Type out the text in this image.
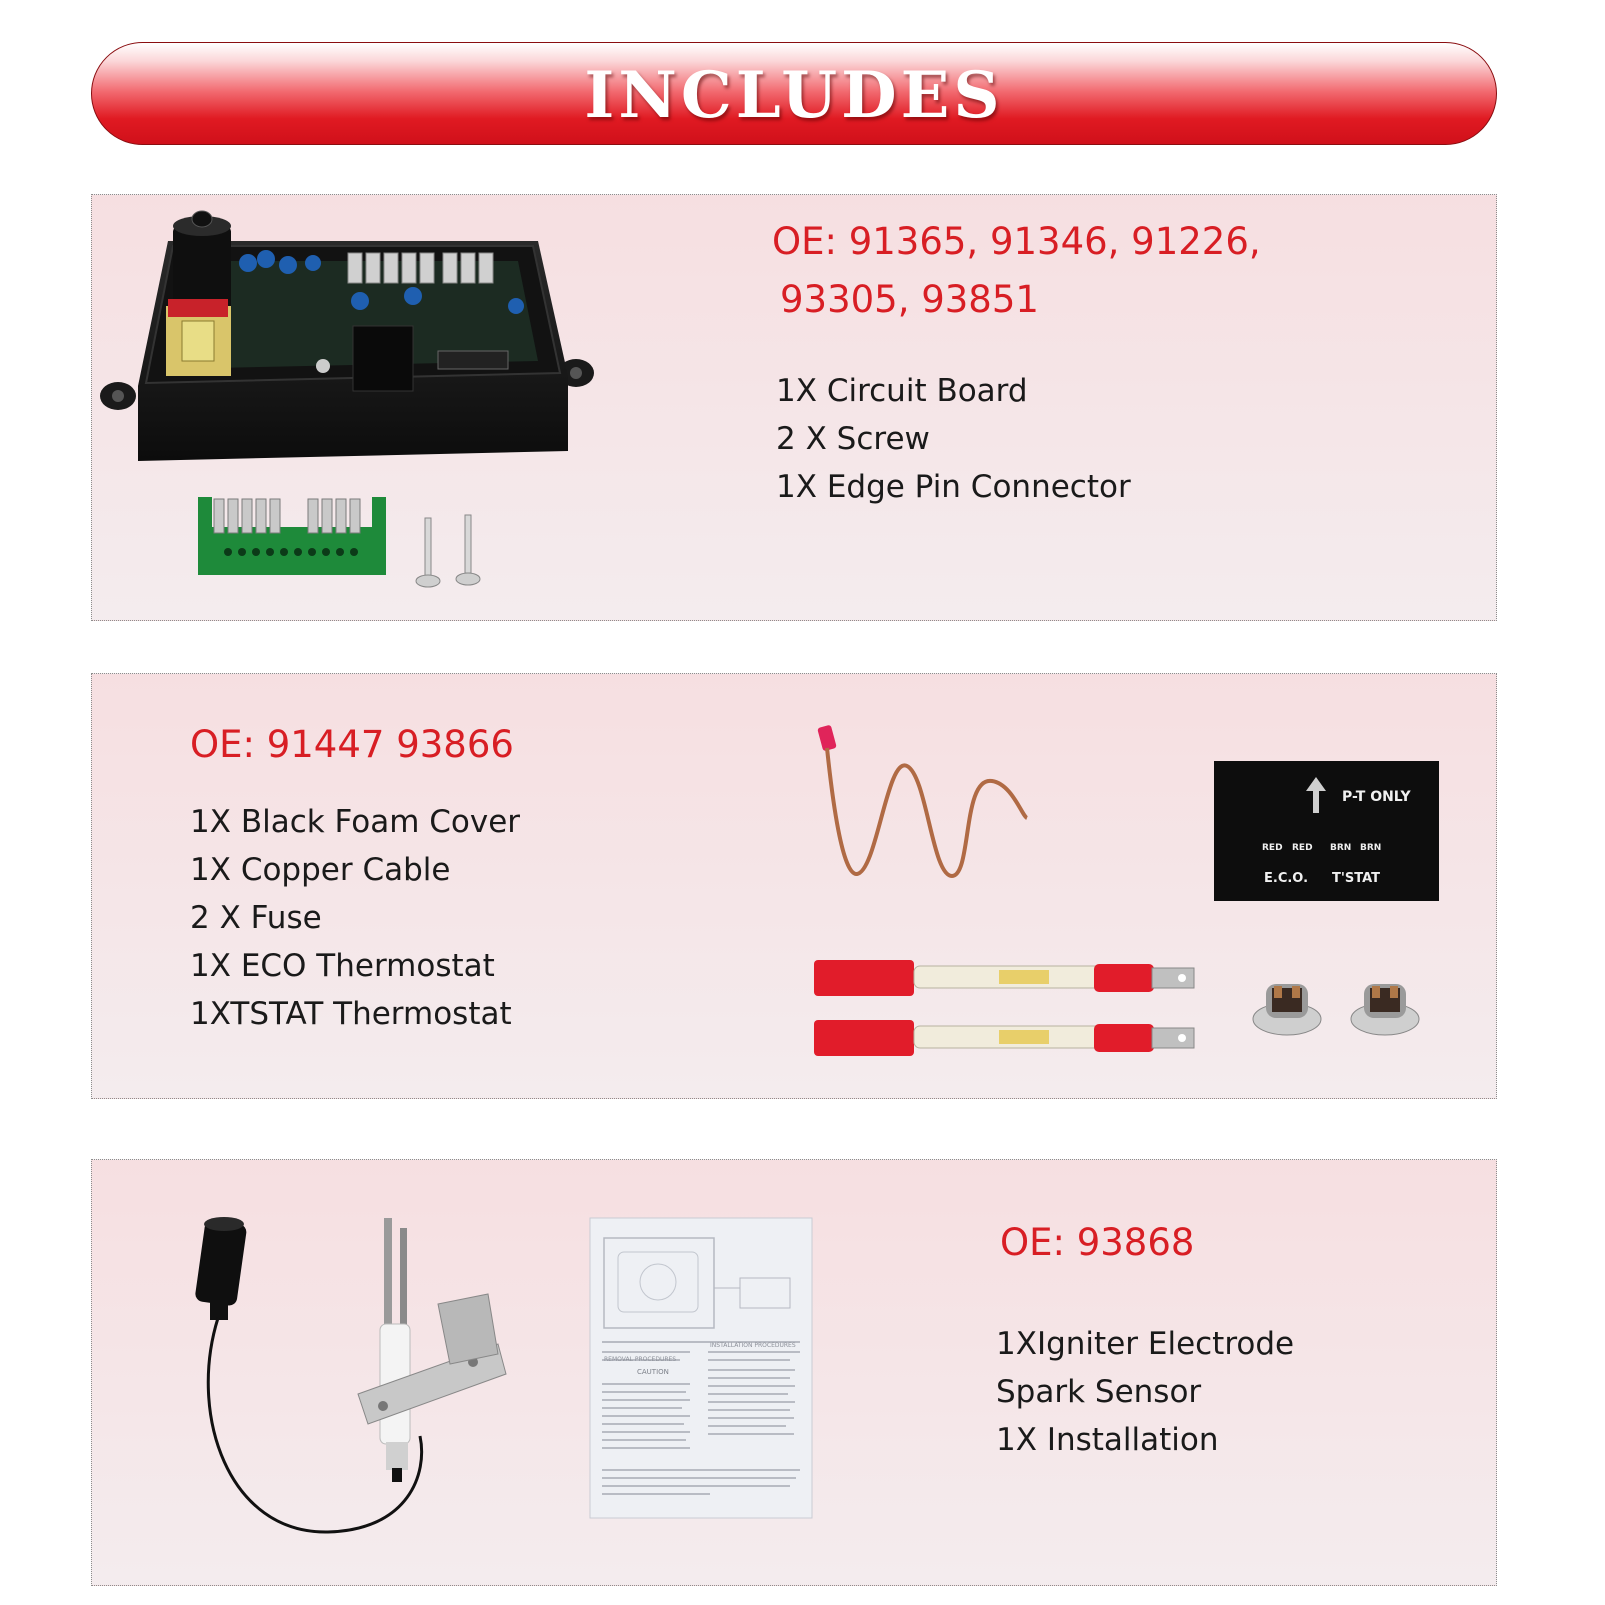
INCLUDES
OE: 91365, 91346, 91226,
93305, 93851
1X Circuit Board
2 X Screw
1X Edge Pin Connector
OE: 91447 93866
1X Black Foam Cover
1X Copper Cable
2 X Fuse
1X ECO Thermostat
1XTSTAT Thermostat
P-T ONLY
RED RED BRN BRN
E.C.O. T'STAT
OE: 93868
1XIgniter Electrode
Spark Sensor
1X Installation
REMOVAL PROCEDURES
INSTALLATION PROCEDURES
CAUTION
